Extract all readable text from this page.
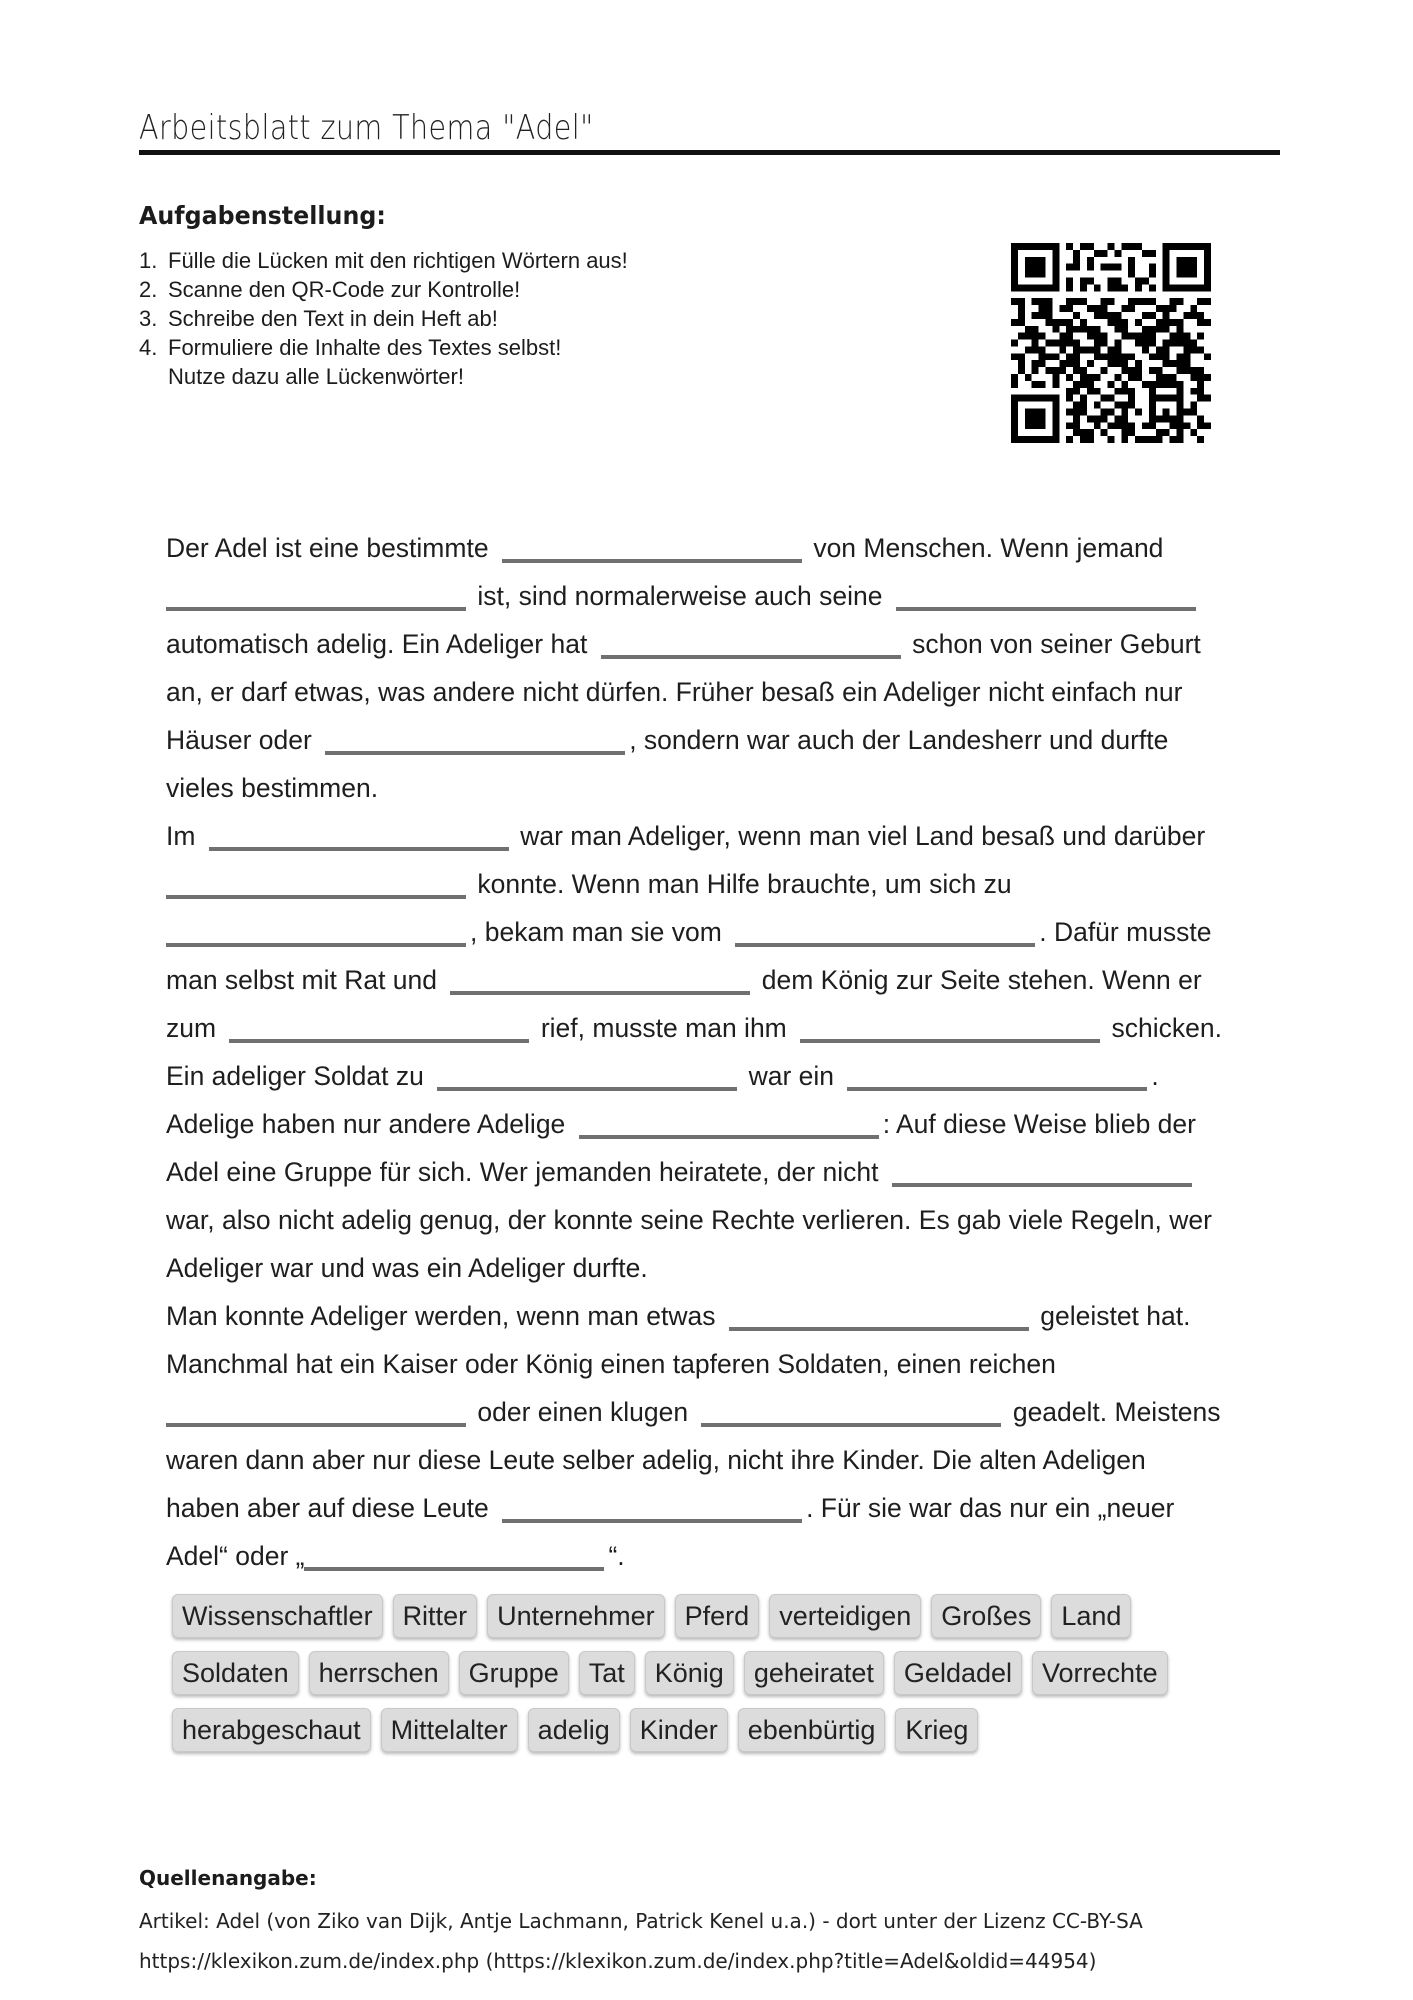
Arbeitsblatt zum Thema "Adel"
Aufgabenstellung:
1. Fülle die Lücken mit den richtigen Wörtern aus!
2. Scanne den QR-Code zur Kontrolle!
3. Schreibe den Text in dein Heft ab!
4. Formuliere die Inhalte des Textes selbst!
Nutze dazu alle Lückenwörter!
Der Adel ist eine bestimmte	von Menschen. Wenn jemand
ist, sind normalerweise auch seine
automatisch adelig. Ein Adeliger hat	schon von seiner Geburt
an, er darf etwas, was andere nicht dürfen. Früher besaß ein Adeliger nicht einfach nur
Häuser oder	, sondern war auch der Landesherr und durfte
vieles bestimmen.
Im	war man Adeliger, wenn man viel Land besaß und darüber
konnte. Wenn man Hilfe brauchte, um sich zu
, bekam man sie vom	. Dafür musste
man selbst mit Rat und	dem König zur Seite stehen. Wenn er
zum	rief, musste man ihm	schicken.
Ein adeliger Soldat zu	war ein	.
Adelige haben nur andere Adelige	: Auf diese Weise blieb der
Adel eine Gruppe für sich. Wer jemanden heiratete, der nicht
war, also nicht adelig genug, der konnte seine Rechte verlieren. Es gab viele Regeln, wer
Adeliger war und was ein Adeliger durfte.
Man konnte Adeliger werden, wenn man etwas	geleistet hat.
Manchmal hat ein Kaiser oder König einen tapferen Soldaten, einen reichen
oder einen klugen	geadelt. Meistens
waren dann aber nur diese Leute selber adelig, nicht ihre Kinder. Die alten Adeligen
haben aber auf diese Leute	. Für sie war das nur ein „neuer
Adel“ oder „	“.
Wissenschaftler	Ritter	Unternehmer	Pferd	verteidigen	Großes	Land
Soldaten	herrschen	Gruppe	Tat	König	geheiratet	Geldadel	Vorrechte
herabgeschaut	Mittelalter	adelig	Kinder	ebenbürtig	Krieg
Quellenangabe:
Artikel: Adel (von Ziko van Dijk, Antje Lachmann, Patrick Kenel u.a.) - dort unter der Lizenz CC-BY-SA
https://klexikon.zum.de/index.php (https://klexikon.zum.de/index.php?title=Adel&oldid=44954)
